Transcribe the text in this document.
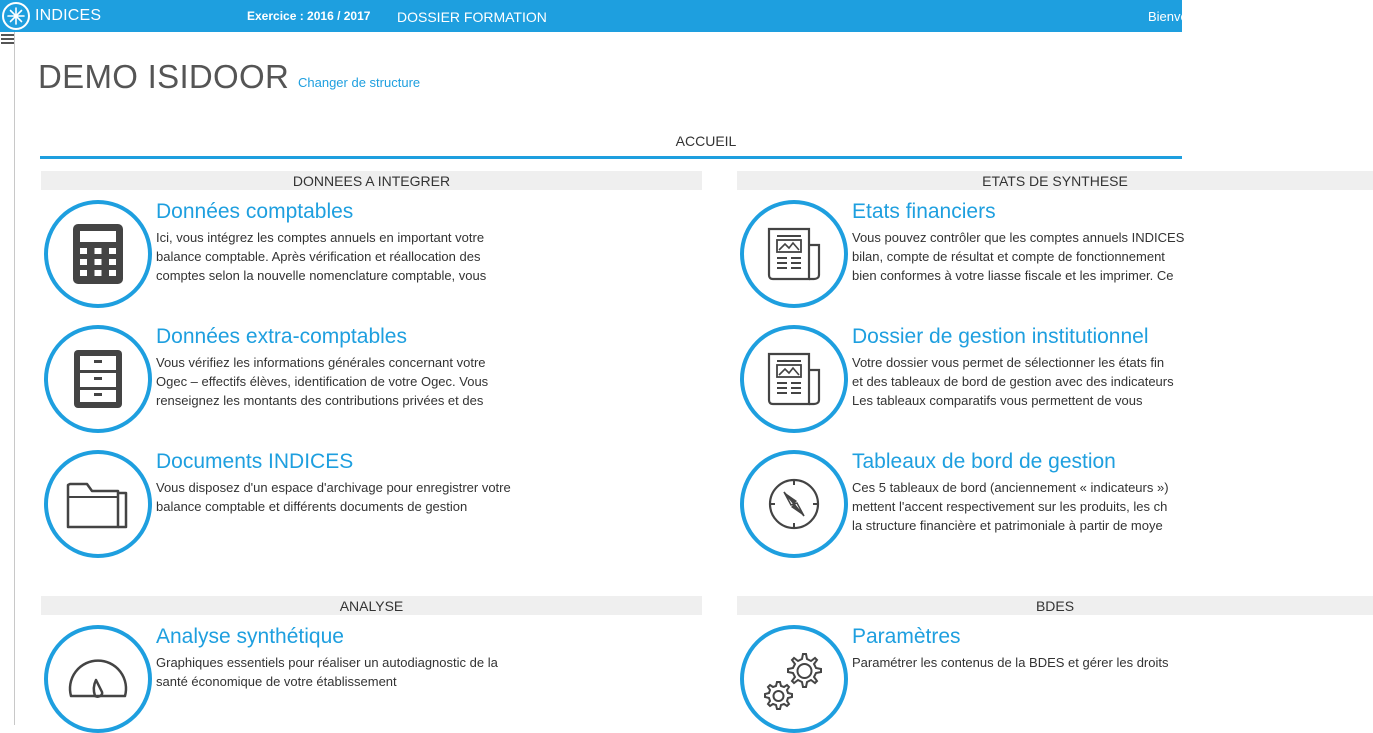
INDICES	Exercice : 2016 / 2017 DOSSIER FORMATION	Bienvenue
DEMO ISIDOOR Changer de structure
ACCUEIL
DONNEES A INTEGRER	ETATS DE SYNTHESE
ANALYSE	BDES
Données comptables
Ici, vous intégrez les comptes annuels en important votre
balance comptable. Après vérification et réallocation des
comptes selon la nouvelle nomenclature comptable, vous
Données extra-comptables
Vous vérifiez les informations générales concernant votre
Ogec – effectifs élèves, identification de votre Ogec. Vous
renseignez les montants des contributions privées et des
Documents INDICES
Vous disposez d'un espace d'archivage pour enregistrer votre
balance comptable et différents documents de gestion
Analyse synthétique
Graphiques essentiels pour réaliser un autodiagnostic de la
santé économique de votre établissement
Etats financiers
Vous pouvez contrôler que les comptes annuels INDICES
bilan, compte de résultat et compte de fonctionnement
bien conformes à votre liasse fiscale et les imprimer. Ce
Dossier de gestion institutionnel
Votre dossier vous permet de sélectionner les états fin
et des tableaux de bord de gestion avec des indicateurs
Les tableaux comparatifs vous permettent de vous
Tableaux de bord de gestion
Ces 5 tableaux de bord (anciennement « indicateurs »)
mettent l'accent respectivement sur les produits, les ch
la structure financière et patrimoniale à partir de moye
Paramètres
Paramétrer les contenus de la BDES et gérer les droits
